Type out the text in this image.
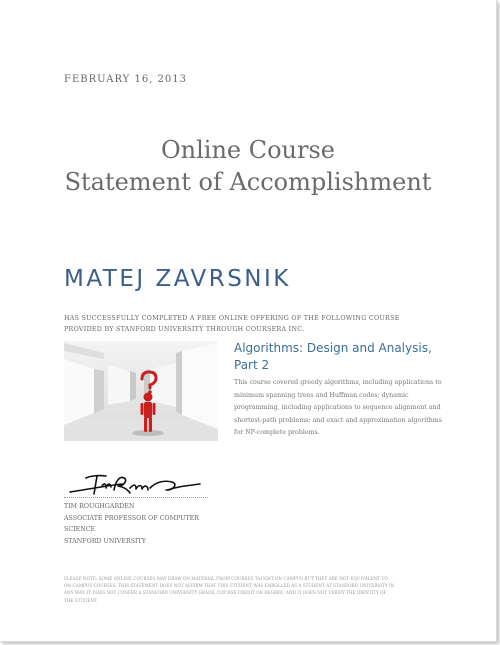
FEBRUARY 16, 2013
Online Course
Statement of Accomplishment
MATEJ ZAVRSNIK
HAS SUCCESSFULLY COMPLETED A FREE ONLINE OFFERING OF THE FOLLOWING COURSE
PROVIDED BY STANFORD UNIVERSITY THROUGH COURSERA INC.
Algorithms: Design and Analysis,
Part 2
This course covered greedy algorithms, including applications to
minimum spanning trees and Huffman codes; dynamic
programming, including applications to sequence alignment and
shortest-path problems; and exact and approximation algorithms
for NP-complete problems.
TIM ROUGHGARDEN
ASSOCIATE PROFESSOR OF COMPUTER
SCIENCE
STANFORD UNIVERSITY
PLEASE NOTE: SOME ONLINE COURSES MAY DRAW ON MATERIAL FROM COURSES TAUGHT ON CAMPUS BUT THEY ARE NOT EQUIVALENT TO
ON-CAMPUS COURSES. THIS STATEMENT DOES NOT AFFIRM THAT THIS STUDENT WAS ENROLLED AS A STUDENT AT STANFORD UNIVERSITY IN
ANY WAY. IT DOES NOT CONFER A STANFORD UNIVERSITY GRADE, COURSE CREDIT OR DEGREE, AND IT DOES NOT VERIFY THE IDENTITY OF
THE STUDENT.
